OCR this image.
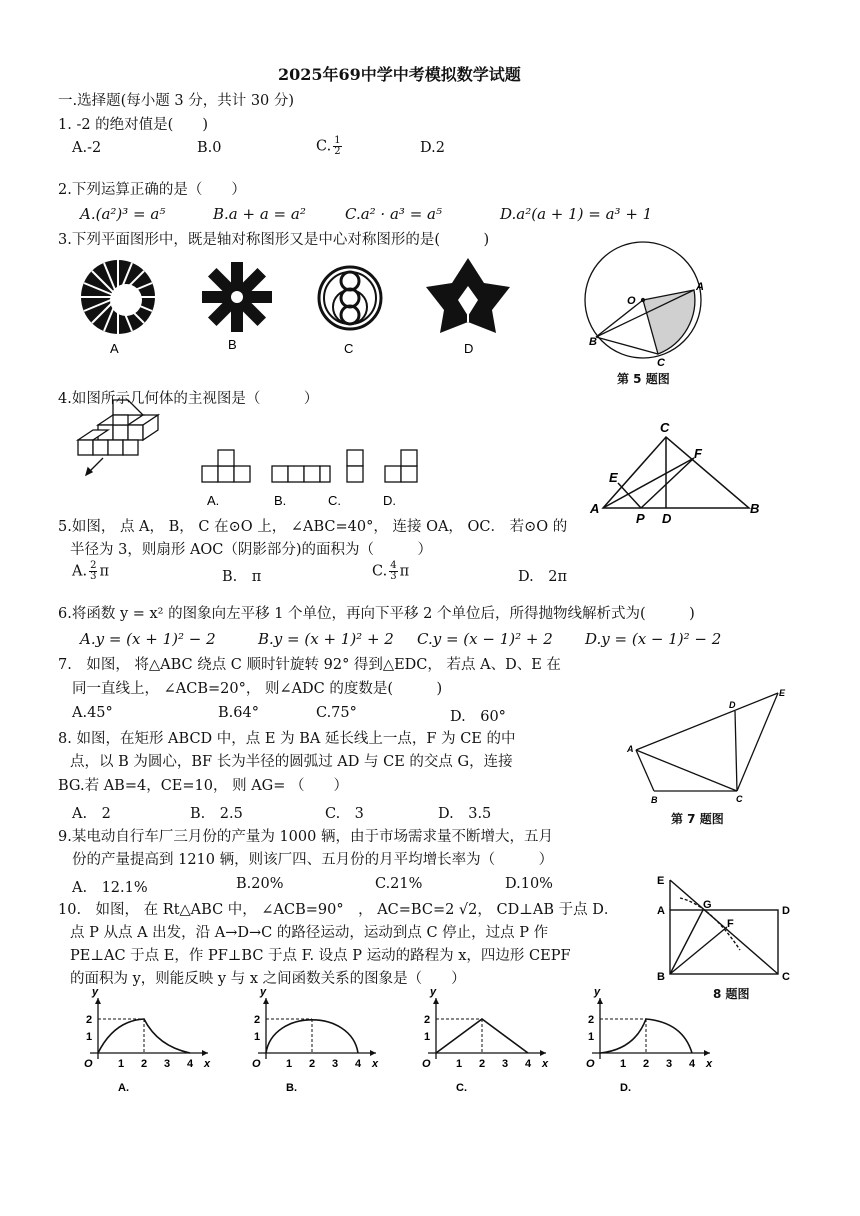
2025年69中学中考模拟数学试题
一.选择题(每小题 3 分，共计 30 分)
1. -2 的绝对值是(　　)
A.-2	B.0	C. $\frac{1}{2}$	D.2
2.下列运算正确的是（　　）
A.(a²)³ = a⁵	B.a + a = a²	C.a² · a³ = a⁵	D.a²(a + 1) = a³ + 1
3.下列平面图形中，既是轴对称图形又是中心对称图形的是(　　　)
A	B	C	D
O
A
B
C
A.	B.	C.	D.
C
E
F
A
P D
B
A
B	C
D
E
E
G
A	D
F
B	C
第 5 题图
第 7 题图
8 题图
4.如图所示几何体的主视图是（　　　）
5.如图， 点 A， B， C 在⊙O 上， ∠ABC=40°， 连接 OA， OC． 若⊙O 的
半径为 3，则扇形 AOC（阴影部分)的面积为（　　　）
A. $\frac{2}{3}$ π	B.　π	C. $\frac{4}{3}$ π	D.　2π
6.将函数 y = x² 的图象向左平移 1 个单位，再向下平移 2 个单位后，所得抛物线解析式为(　　　)
A.y = (x + 1)² − 2	B.y = (x + 1)² + 2 C.y = (x − 1)² + 2 D.y = (x − 1)² − 2
7.　如图， 将△ABC 绕点 C 顺时针旋转 92° 得到△EDC， 若点 A、D、E 在
同一直线上， ∠ACB=20°， 则∠ADC 的度数是(　　　)
A.45°	B.64°	C.75°	D.　60°
8. 如图，在矩形 ABCD 中，点 E 为 BA 延长线上一点，F 为 CE 的中
点，以 B 为圆心，BF 长为半径的圆弧过 AD 与 CE 的交点 G，连接
BG.若 AB=4，CE=10， 则 AG= （　　）
A.　2	B.　2.5	C.　3	D.　3.5
9.某电动自行车厂三月份的产量为 1000 辆，由于市场需求量不断增大，五月
份的产量提高到 1210 辆，则该厂四、五月份的月平均增长率为（　　　）
A.　12.1%	B.20%	C.21%	D.10%
10.　如图， 在 Rt△ABC 中， ∠ACB=90°　， AC=BC=2 √2， CD⊥AB 于点 D．
点 P 从点 A 出发，沿 A→D→C 的路径运动，运动到点 C 停止，过点 P 作
PE⊥AC 于点 E，作 PF⊥BC 于点 F. 设点 P 运动的路程为 x，四边形 CEPF
的面积为 y，则能反映 y 与 x 之间函数关系的图象是（　　）
y
x
O
2
1
1 2 3 4
A.
y
x
O
2
1
1 2 3 4
B.
y
x
O
2
1
1 2 3 4
C.
y
x
O
2
1
1 2 3 4
D.
